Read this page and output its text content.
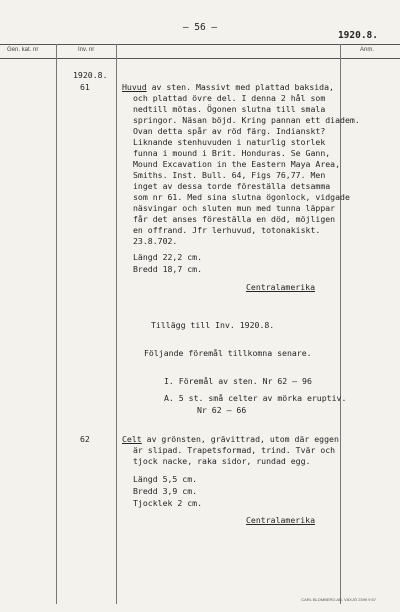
– 56 –
1920.8.
Gen. kat. nr	Inv. nr	Anm.
1920.8.
61	Huvud av sten. Massivt med plattad baksida,
och plattad övre del. I denna 2 hål som
nedtill mötas. Ögonen slutna till smala
springor. Näsan böjd. Kring pannan ett diadem.
Ovan detta spår av röd färg. Indianskt?
Liknande stenhuvuden i naturlig storlek
funna i mound i Brit. Honduras. Se Gann,
Mound Excavation in the Eastern Maya Area,
Smiths. Inst. Bull. 64, Figs 76,77. Men
inget av dessa torde föreställa detsamma
som nr 61. Med sina slutna ögonlock, vidgade
näsvingar och sluten mun med tunna läppar
får det anses föreställa en död, möjligen
en offrand. Jfr lerhuvud, totonakiskt.
23.8.702.
Längd 22,2 cm.
Bredd 18,7 cm.
Centralamerika
Tillägg till Inv. 1920.8.
Följande föremål tillkomna senare.
I. Föremål av sten. Nr 62 – 96
A. 5 st. små celter av mörka eruptiv.
Nr 62 – 66
62	Celt av grönsten, grävittrad, utom där eggen
är slipad. Trapetsformad, trind. Tvär och
tjock nacke, raka sidor, rundad egg.
Längd 5,5 cm.
Bredd 3,9 cm.
Tjocklek 2 cm.
Centralamerika
CARL BLOMBERG AB. VÄXJÖ 2399 9 67
